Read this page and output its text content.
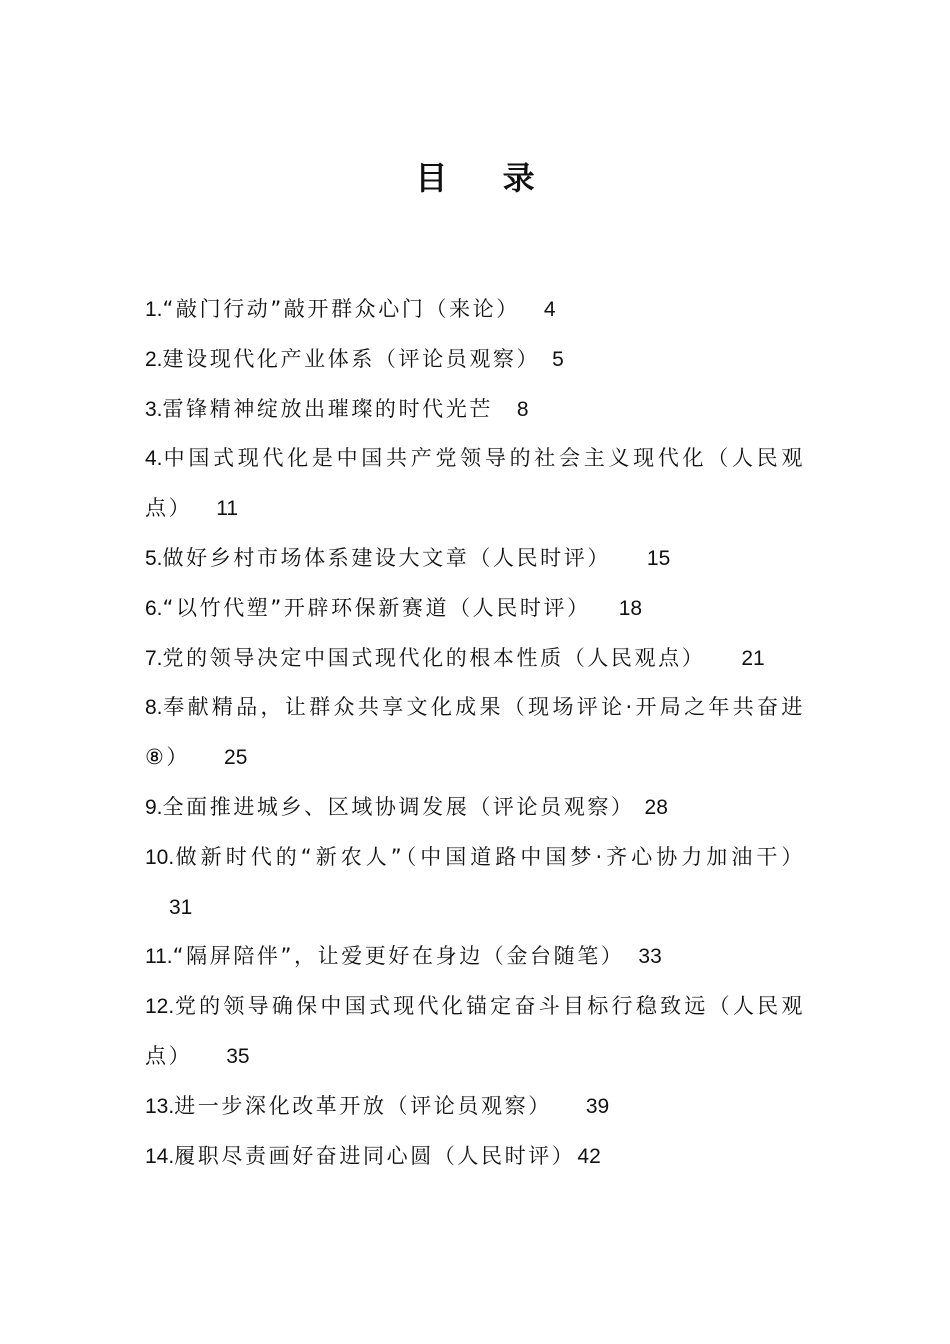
目 录
1.“敲门行动”敲开群众心门（来论） 4
2.建设现代化产业体系（评论员观察） 5
3.雷锋精神绽放出璀璨的时代光芒 8
4.中国式现代化是中国共产党领导的社会主义现代化（人民观点） 11
5.做好乡村市场体系建设大文章（人民时评） 15
6.“以竹代塑”开辟环保新赛道（人民时评） 18
7.党的领导决定中国式现代化的根本性质（人民观点） 21
8.奉献精品，让群众共享文化成果（现场评论·开局之年共奋进⑧） 25
9.全面推进城乡、区域协调发展（评论员观察） 28
10.做新时代的“新农人”（中国道路中国梦·齐心协力加油干）31
11.“隔屏陪伴”，让爱更好在身边（金台随笔） 33
12.党的领导确保中国式现代化锚定奋斗目标行稳致远（人民观点） 35
13.进一步深化改革开放（评论员观察） 39
14.履职尽责画好奋进同心圆（人民时评）42
